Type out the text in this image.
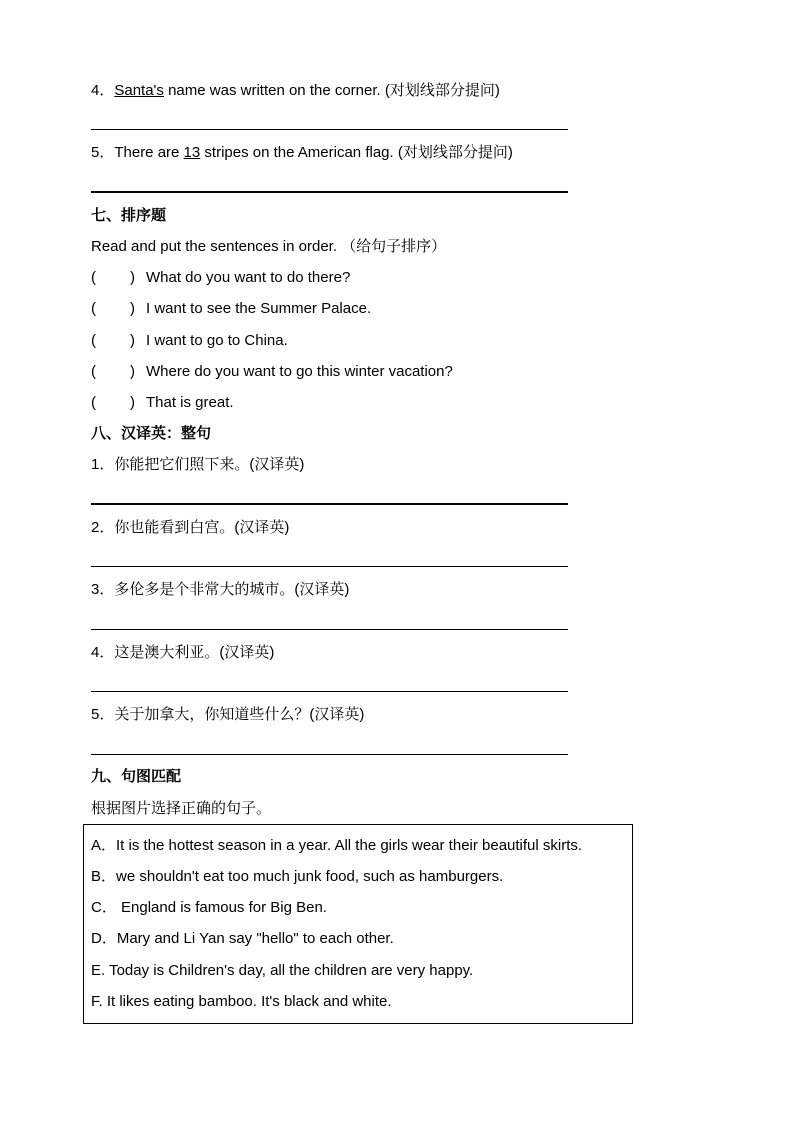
4．Santa's name was written on the corner. (对划线部分提问)
5．There are 13 stripes on the American flag. (对划线部分提问)
七、排序题
Read and put the sentences in order. （给句子排序）
( ) What do you want to do there?
( ) I want to see the Summer Palace.
( ) I want to go to China.
( ) Where do you want to go this winter vacation?
( ) That is great.
八、汉译英：整句
1．你能把它们照下来。(汉译英)
2．你也能看到白宫。(汉译英)
3．多伦多是个非常大的城市。(汉译英)
4．这是澳大利亚。(汉译英)
5．关于加拿大，你知道些什么？(汉译英)
九、句图匹配
根据图片选择正确的句子。
A．It is the hottest season in a year. All the girls wear their beautiful skirts.
B．we shouldn't eat too much junk food, such as hamburgers.
C． England is famous for Big Ben.
D．Mary and Li Yan say "hello" to each other.
E. Today is Children's day, all the children are very happy.
F. It likes eating bamboo. It's black and white.
